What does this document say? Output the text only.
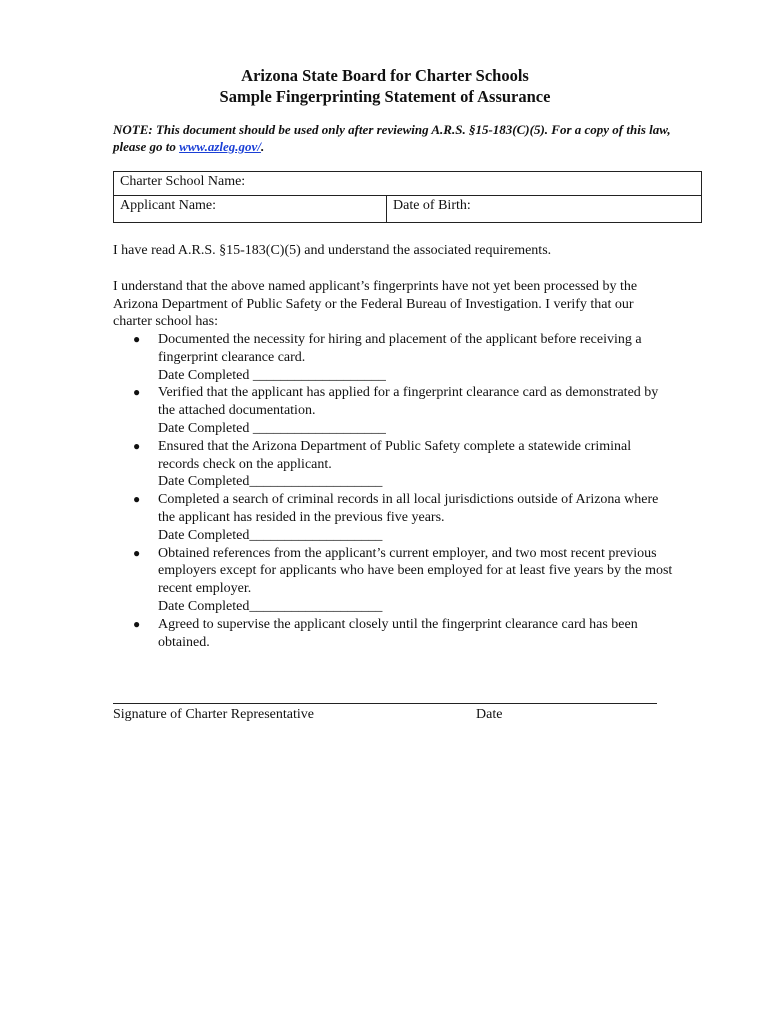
Arizona State Board for Charter Schools
Sample Fingerprinting Statement of Assurance
NOTE: This document should be used only after reviewing A.R.S. §15-183(C)(5). For a copy of this law, please go to www.azleg.gov/.
Charter School Name:
Applicant Name:	Date of Birth:
I have read A.R.S. §15-183(C)(5) and understand the associated requirements.
I understand that the above named applicant’s fingerprints have not yet been processed by the Arizona Department of Public Safety or the Federal Bureau of Investigation. I verify that our charter school has:
● Documented the necessity for hiring and placement of the applicant before receiving a fingerprint clearance card.
Date Completed ___________________
● Verified that the applicant has applied for a fingerprint clearance card as demonstrated by the attached documentation.
Date Completed ___________________
● Ensured that the Arizona Department of Public Safety complete a statewide criminal records check on the applicant.
Date Completed___________________
● Completed a search of criminal records in all local jurisdictions outside of Arizona where the applicant has resided in the previous five years.
Date Completed___________________
● Obtained references from the applicant’s current employer, and two most recent previous employers except for applicants who have been employed for at least five years by the most recent employer.
Date Completed___________________
● Agreed to supervise the applicant closely until the fingerprint clearance card has been obtained.
Signature of Charter Representative	Date
